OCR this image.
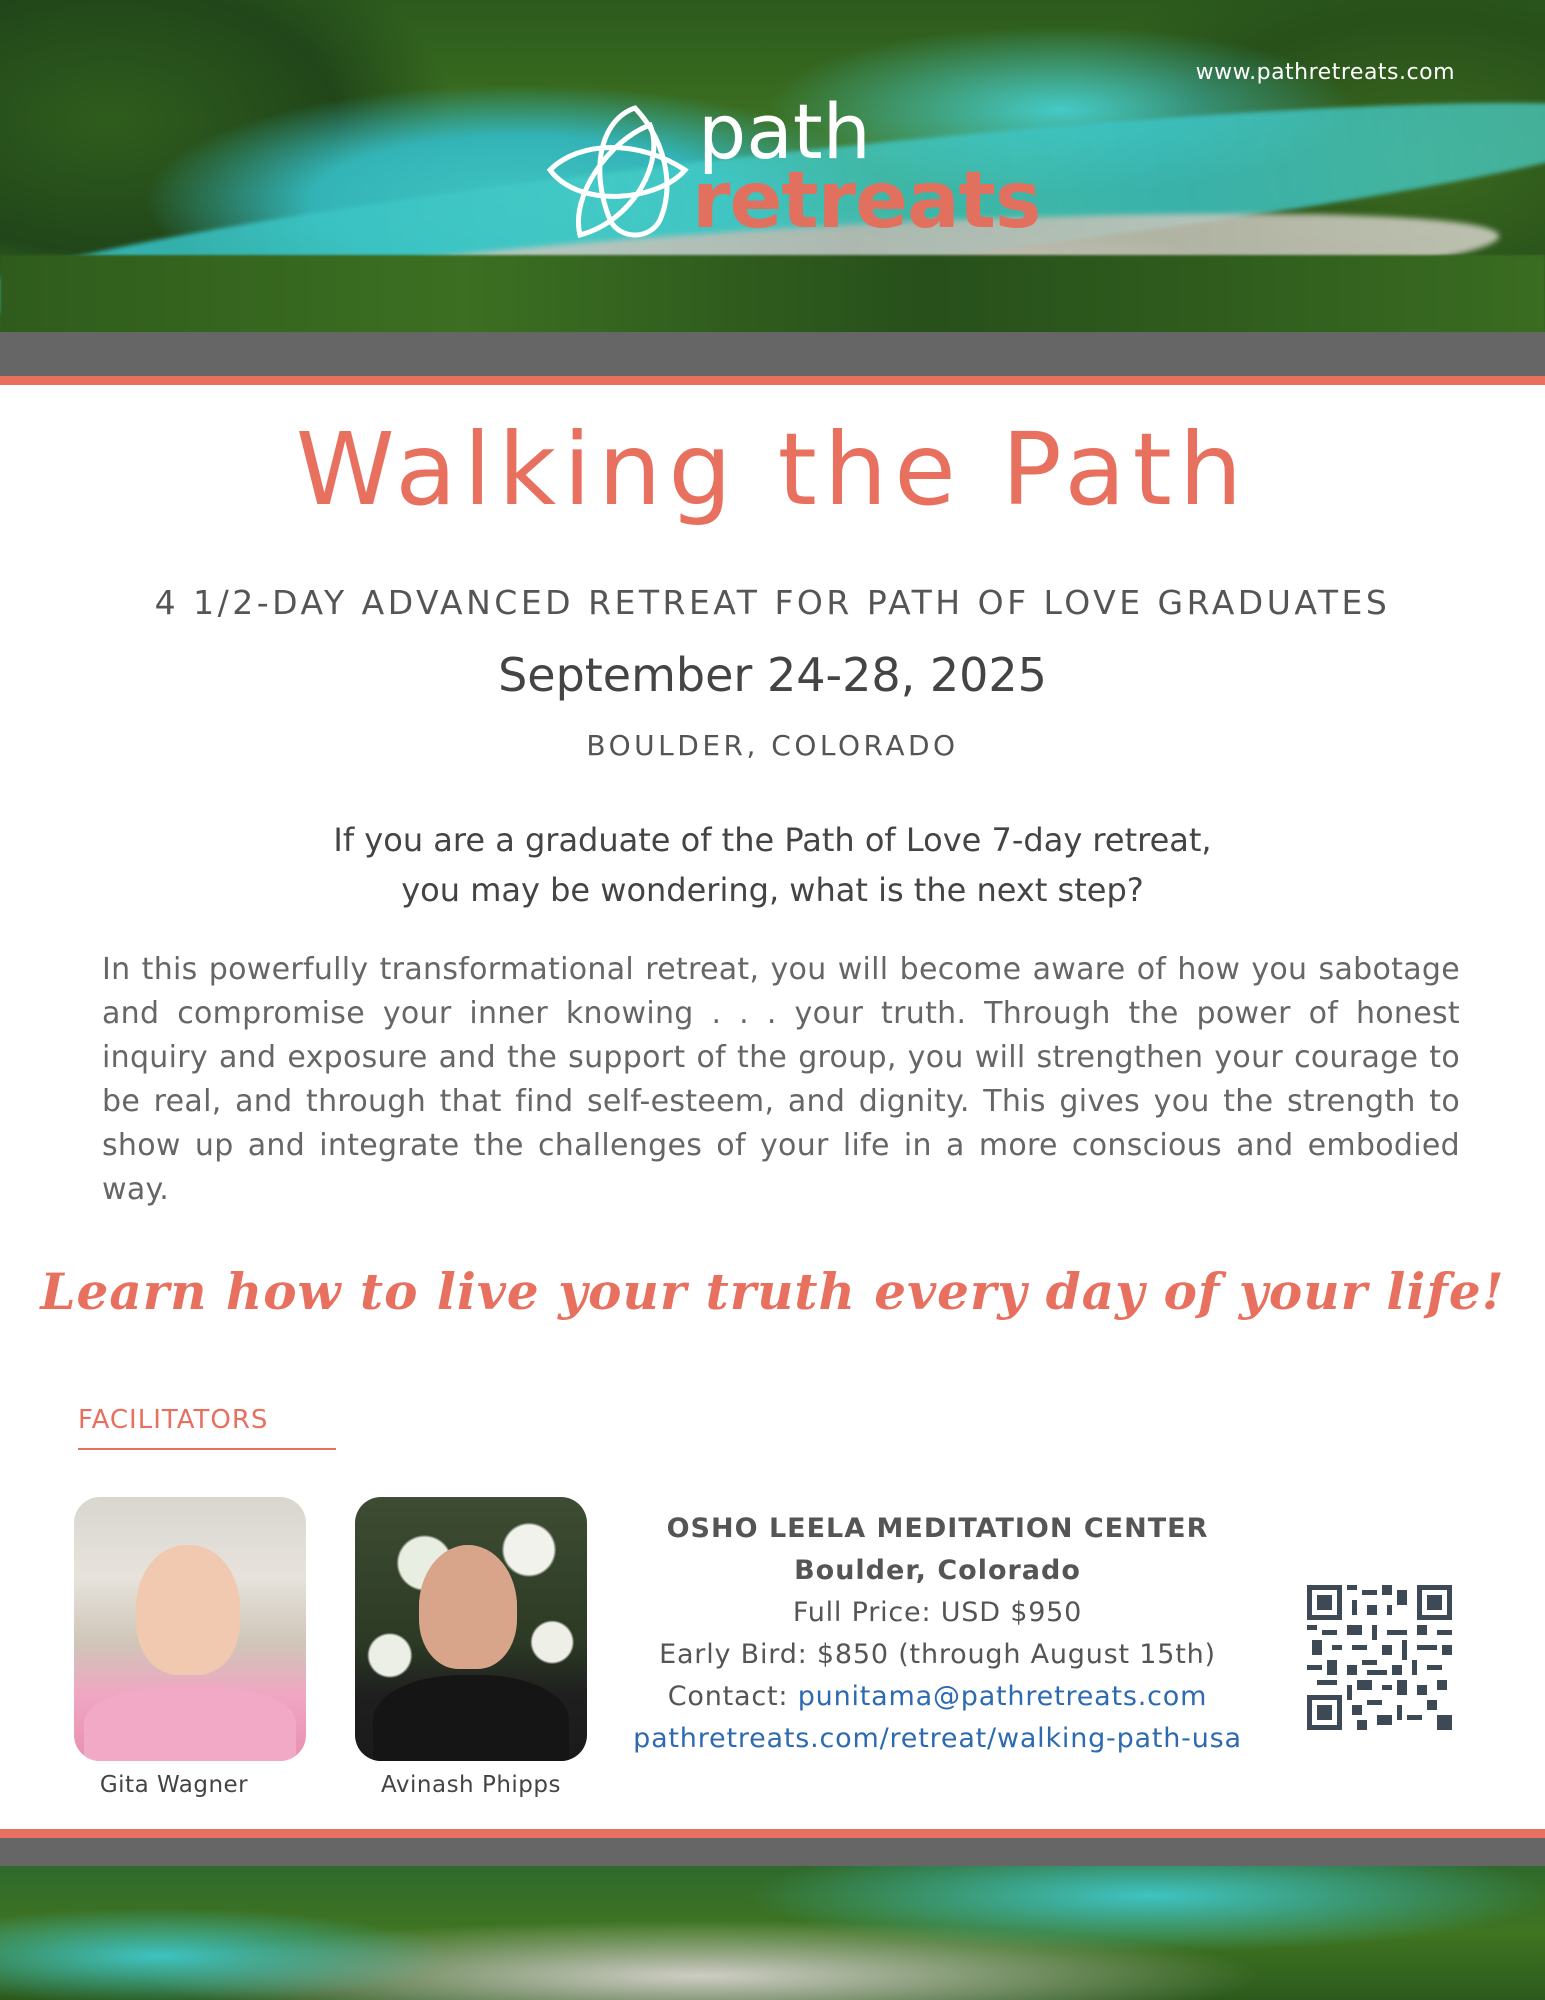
www.pathretreats.com
path
retreats
Walking the Path
4 1/2-DAY ADVANCED RETREAT FOR PATH OF LOVE GRADUATES
September 24-28, 2025
BOULDER, COLORADO
If you are a graduate of the Path of Love 7-day retreat,
you may be wondering, what is the next step?
In this powerfully transformational retreat, you will become aware of how you sabotage and compromise your inner knowing . . . your truth. Through the power of honest inquiry and exposure and the support of the group, you will strengthen your courage to be real, and through that find self-esteem, and dignity. This gives you the strength to show up and integrate the challenges of your life in a more conscious and embodied way.
Learn how to live your truth every day of your life!
FACILITATORS
Gita Wagner	Avinash Phipps
OSHO LEELA MEDITATION CENTER
Boulder, Colorado
Full Price: USD $950
Early Bird: $850 (through August 15th)
Contact: punitama@pathretreats.com
pathretreats.com/retreat/walking-path-usa
